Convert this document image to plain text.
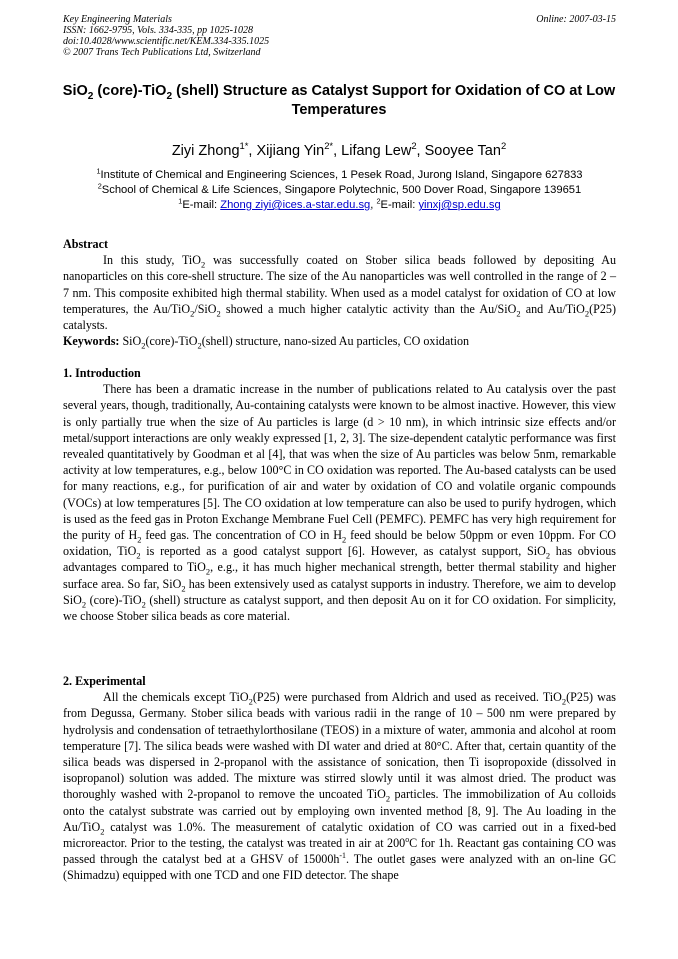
Key Engineering Materials	Online: 2007-03-15
ISSN: 1662-9795, Vols. 334-335, pp 1025-1028
doi:10.4028/www.scientific.net/KEM.334-335.1025
© 2007 Trans Tech Publications Ltd, Switzerland
SiO$_2$ (core)-TiO$_2$ (shell) Structure as Catalyst Support for Oxidation of CO at Low Temperatures
Ziyi Zhong$^{1*}$, Xijiang Yin$^{2*}$, Lifang Lew$^2$, Sooyee Tan$^2$
$^1$Institute of Chemical and Engineering Sciences, 1 Pesek Road, Jurong Island, Singapore 627833
$^2$School of Chemical & Life Sciences, Singapore Polytechnic, 500 Dover Road, Singapore 139651
$^1$E-mail: Zhong ziyi@ices.a-star.edu.sg, $^2$E-mail: yinxj@sp.edu.sg

Abstract

In this study, TiO$_2$ was successfully coated on Stober silica beads followed by depositing Au nanoparticles on this core-shell structure. The size of the Au nanoparticles was well controlled in the range of 2 – 7 nm. This composite exhibited high thermal stability. When used as a model catalyst for oxidation of CO at low temperatures, the Au/TiO$_2$/SiO$_2$ showed a much higher catalytic activity than the Au/SiO$_2$ and Au/TiO$_2$(P25) catalysts.

Keywords: SiO$_2$(core)-TiO$_2$(shell) structure, nano-sized Au particles, CO oxidation

1. Introduction

There has been a dramatic increase in the number of publications related to Au catalysis over the past several years, though, traditionally, Au-containing catalysts were known to be almost inactive. However, this view is only partially true when the size of Au particles is large (d > 10 nm), in which intrinsic size effects and/or metal/support interactions are only weakly expressed [1, 2, 3]. The size-dependent catalytic performance was first revealed quantitatively by Goodman et al [4], that was when the size of Au particles was below 5nm, remarkable activity at low temperatures, e.g., below 100°C in CO oxidation was reported. The Au-based catalysts can be used for many reactions, e.g., for purification of air and water by oxidation of CO and volatile organic compounds (VOCs) at low temperatures [5]. The CO oxidation at low temperature can also be used to purify hydrogen, which is used as the feed gas in Proton Exchange Membrane Fuel Cell (PEMFC). PEMFC has very high requirement for the purity of $H_2$ feed gas. The concentration of CO in $H_2$ feed should be below 50ppm or even 10ppm. For CO oxidation, TiO$_2$ is reported as a good catalyst support [6]. However, as catalyst support, SiO$_2$ has obvious advantages compared to TiO$_2$, e.g., it has much higher mechanical strength, better thermal stability and higher surface area. So far, SiO$_2$ has been extensively used as catalyst supports in industry. Therefore, we aim to develop SiO$_2$ (core)-TiO$_2$ (shell) structure as catalyst support, and then deposit Au on it for CO oxidation. For simplicity, we choose Stober silica beads as core material.

2. Experimental

All the chemicals except TiO$_2$(P25) were purchased from Aldrich and used as received. TiO$_2$(P25) was from Degussa, Germany. Stober silica beads with various radii in the range of 10 – 500 nm were prepared by hydrolysis and condensation of tetraethylorthosilane (TEOS) in a mixture of water, ammonia and alcohol at room temperature [7]. The silica beads were washed with DI water and dried at 80°C. After that, certain quantity of the silica beads was dispersed in 2-propanol with the assistance of sonication, then Ti isopropoxide (dissolved in isopropanol) solution was added. The mixture was stirred slowly until it was almost dried. The product was thoroughly washed with 2-propanol to remove the uncoated TiO$_2$ particles. The immobilization of Au colloids onto the catalyst substrate was carried out by employing own invented method [8, 9]. The Au loading in the Au/TiO$_2$ catalyst was 1.0%. The measurement of catalytic oxidation of CO was carried out in a fixed-bed microreactor. Prior to the testing, the catalyst was treated in air at 200$^o$C for 1h. Reactant gas containing CO was passed through the catalyst bed at a GHSV of $15000h^{-1}$. The outlet gases were analyzed with an on-line GC (Shimadzu) equipped with one TCD and one FID detector. The shape
